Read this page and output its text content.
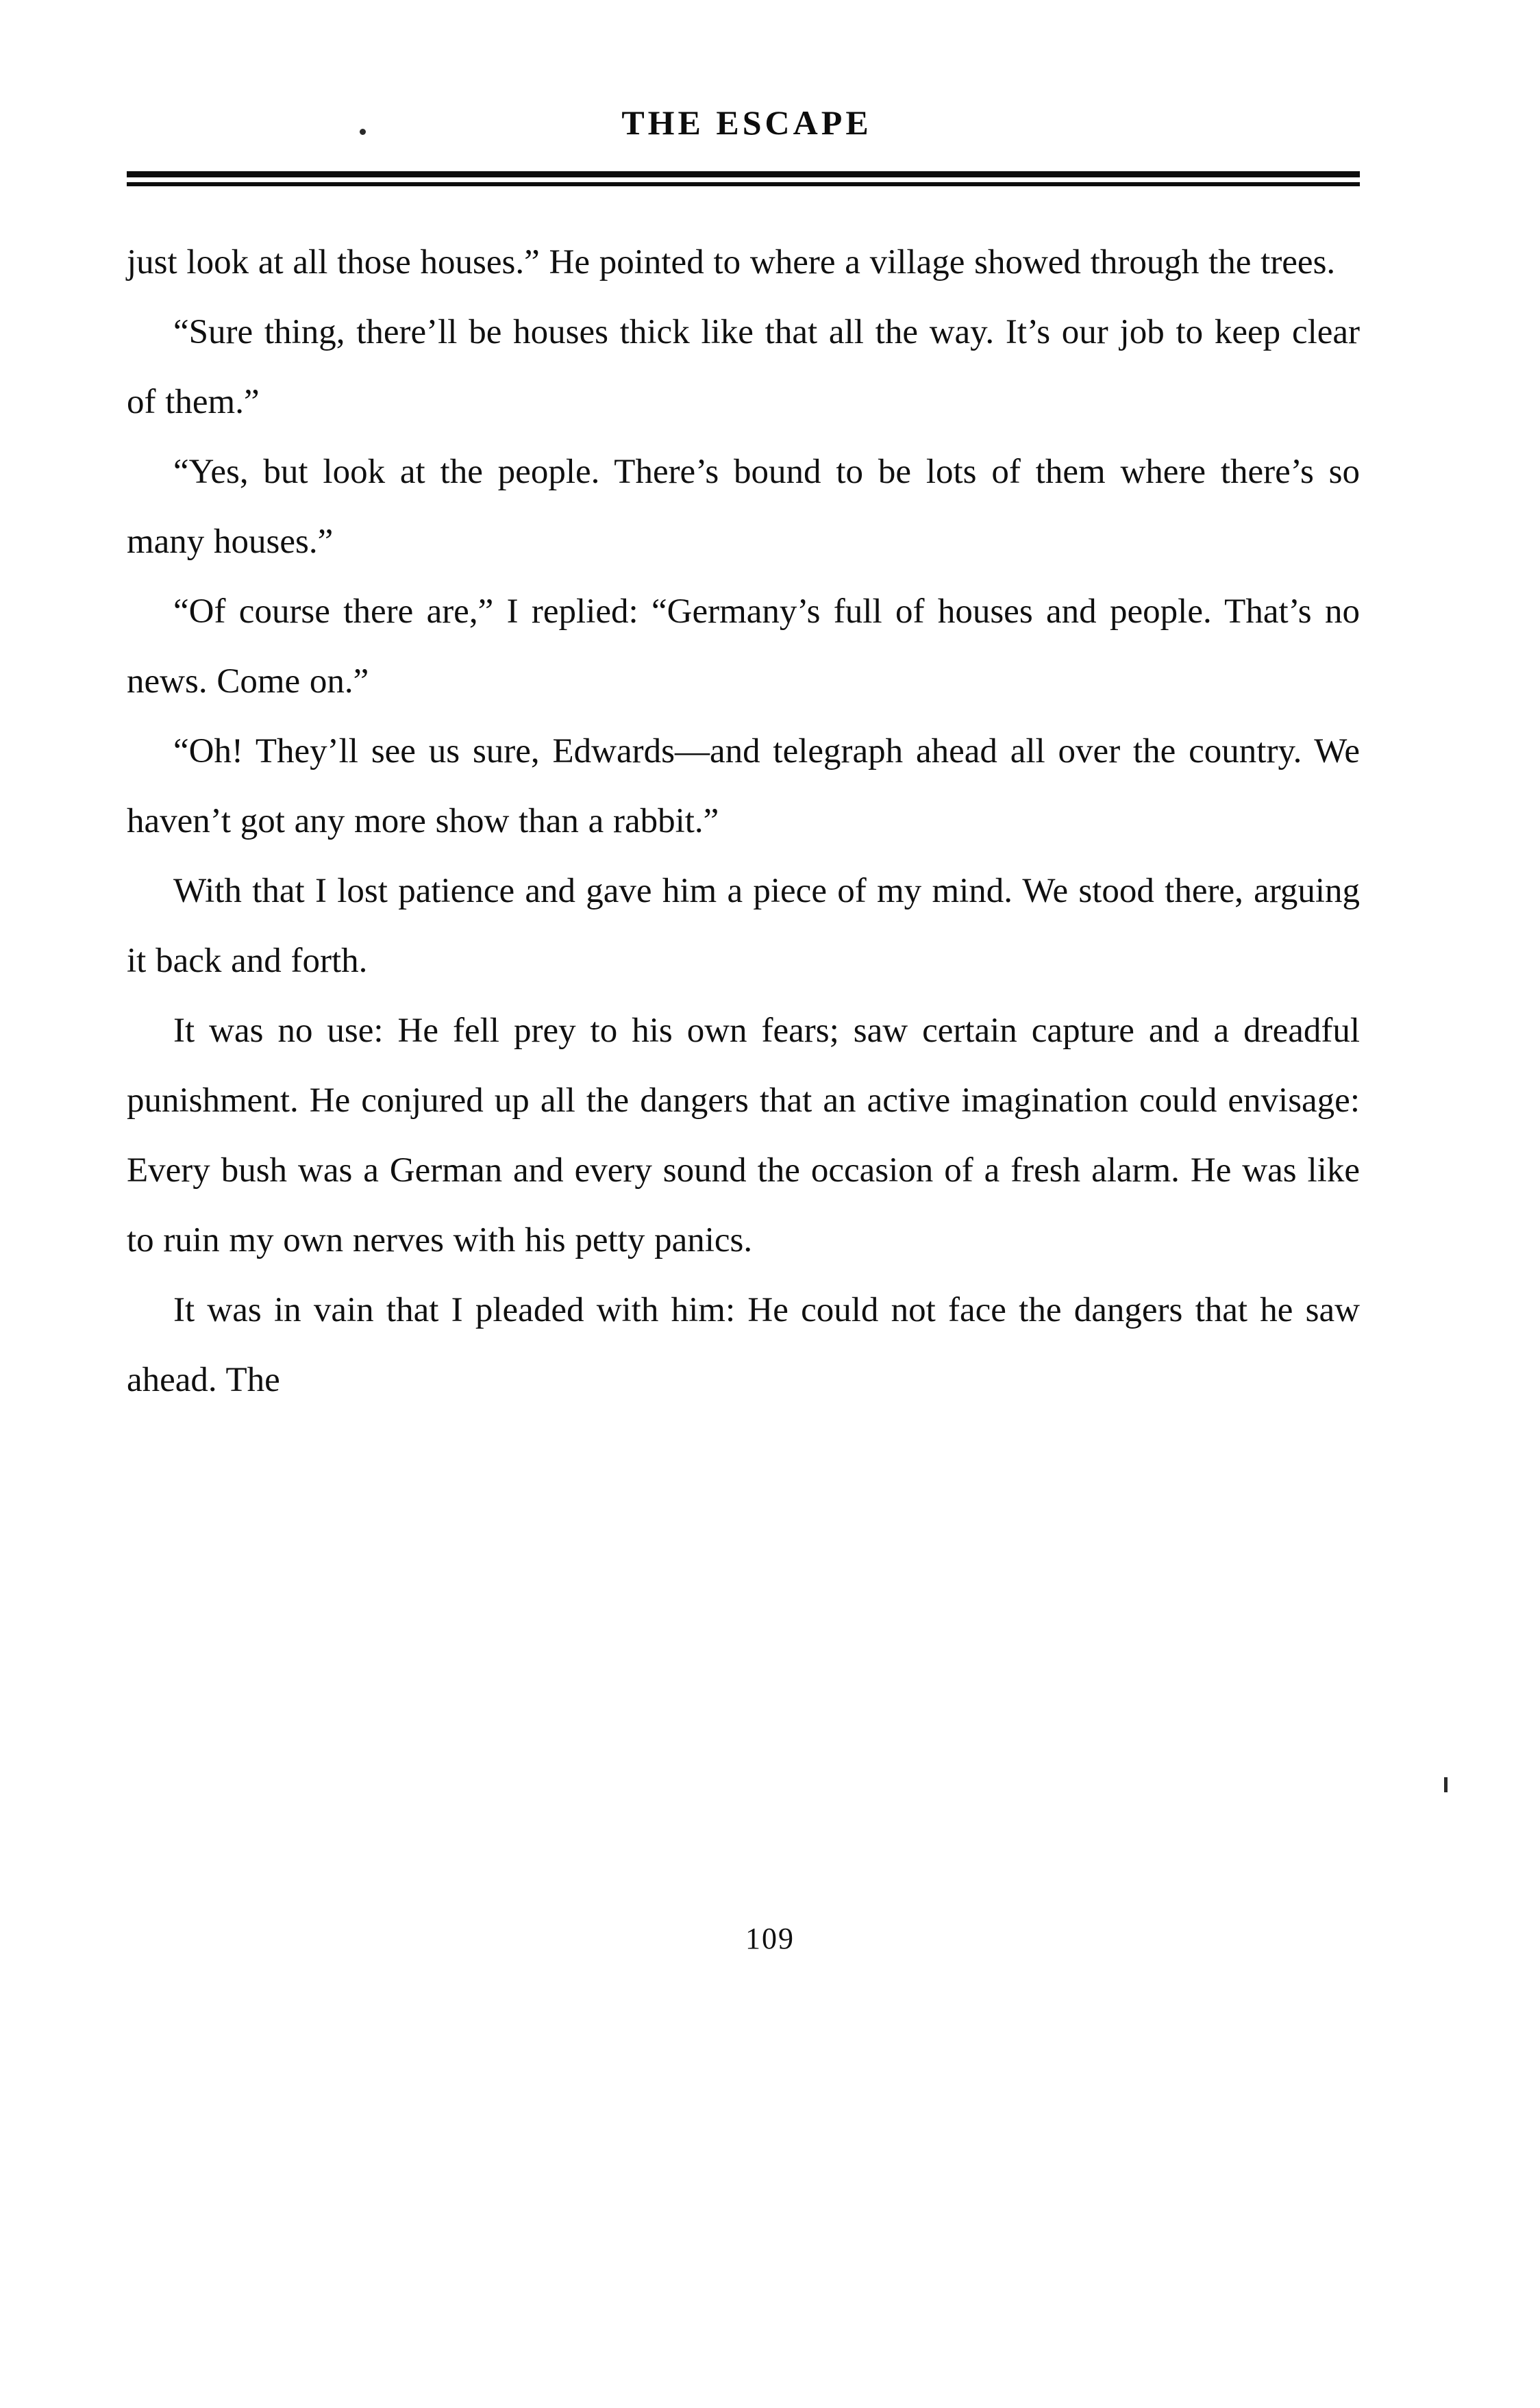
THE ESCAPE

just look at all those houses.” He pointed to where a village showed through the trees.

“Sure thing, there’ll be houses thick like that all the way. It’s our job to keep clear of them.”

“Yes, but look at the people. There’s bound to be lots of them where there’s so many houses.”

“Of course there are,” I replied: “Germany’s full of houses and people. That’s no news. Come on.”

“Oh! They’ll see us sure, Edwards—and telegraph ahead all over the country. We haven’t got any more show than a rabbit.”

With that I lost patience and gave him a piece of my mind. We stood there, arguing it back and forth.

It was no use: He fell prey to his own fears; saw certain capture and a dreadful punishment. He conjured up all the dangers that an active imagination could envisage: Every bush was a German and every sound the occasion of a fresh alarm. He was like to ruin my own nerves with his petty panics.

It was in vain that I pleaded with him: He could not face the dangers that he saw ahead. The

109
